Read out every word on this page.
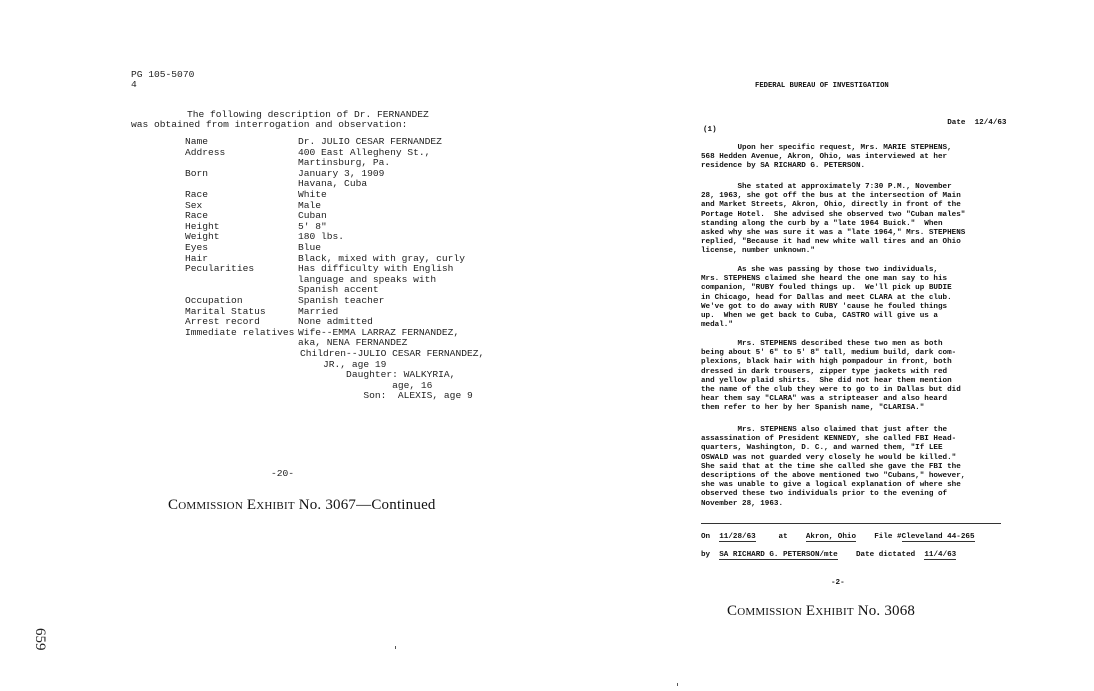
PG 105-5070
4
The following description of Dr. FERNANDEZ
was obtained from interrogation and observation:
Name	Dr. JULIO CESAR FERNANDEZ
Address	400 East Allegheny St.,
Martinsburg, Pa.
Born	January 3, 1909
Havana, Cuba
Race	White
Sex	Male
Race	Cuban
Height	5' 8"
Weight	180 lbs.
Eyes	Blue
Hair	Black, mixed with gray, curly
Pecularities	Has difficulty with English
language and speaks with
Spanish accent
Occupation	Spanish teacher
Marital Status	Married
Arrest record	None admitted
Immediate relatives Wife--EMMA LARRAZ FERNANDEZ,
aka, NENA FERNANDEZ
Children--JULIO CESAR FERNANDEZ,
JR., age 19
Daughter: WALKYRIA,
age, 16
Son:  ALEXIS, age 9
-20-
Commission Exhibit No. 3067—Continued
659
FEDERAL BUREAU OF INVESTIGATION

Date 12/4/63

(1)
Upon her specific request, Mrs. MARIE STEPHENS,
568 Hedden Avenue, Akron, Ohio, was interviewed at her
residence by SA RICHARD G. PETERSON.
She stated at approximately 7:30 P.M., November
28, 1963, she got off the bus at the intersection of Main
and Market Streets, Akron, Ohio, directly in front of the
Portage Hotel.  She advised she observed two "Cuban males"
standing along the curb by a "late 1964 Buick."  When
asked why she was sure it was a "late 1964," Mrs. STEPHENS
replied, "Because it had new white wall tires and an Ohio
license, number unknown."
As she was passing by those two individuals,
Mrs. STEPHENS claimed she heard the one man say to his
companion, "RUBY fouled things up.  We'll pick up BUDIE
in Chicago, head for Dallas and meet CLARA at the club.
We've got to do away with RUBY 'cause he fouled things
up.  When we get back to Cuba, CASTRO will give us a
medal."
Mrs. STEPHENS described these two men as both
being about 5' 6" to 5' 8" tall, medium build, dark com-
plexions, black hair with high pompadour in front, both
dressed in dark trousers, zipper type jackets with red
and yellow plaid shirts.  She did not hear them mention
the name of the club they were to go to in Dallas but did
hear them say "CLARA" was a stripteaser and also heard
them refer to her by her Spanish name, "CLARISA."
Mrs. STEPHENS also claimed that just after the
assassination of President KENNEDY, she called FBI Head-
quarters, Washington, D. C., and warned them, "If LEE
OSWALD was not guarded very closely he would be killed."
She said that at the time she called she gave the FBI the
descriptions of the above mentioned two "Cubans," however,
she was unable to give a logical explanation of where she
observed these two individuals prior to the evening of
November 28, 1963.
On 11/28/63	at Akron, Ohio File #Cleveland 44-265
by SA RICHARD G. PETERSON/mte Date dictated 11/4/63
-2-
Commission Exhibit No. 3068
